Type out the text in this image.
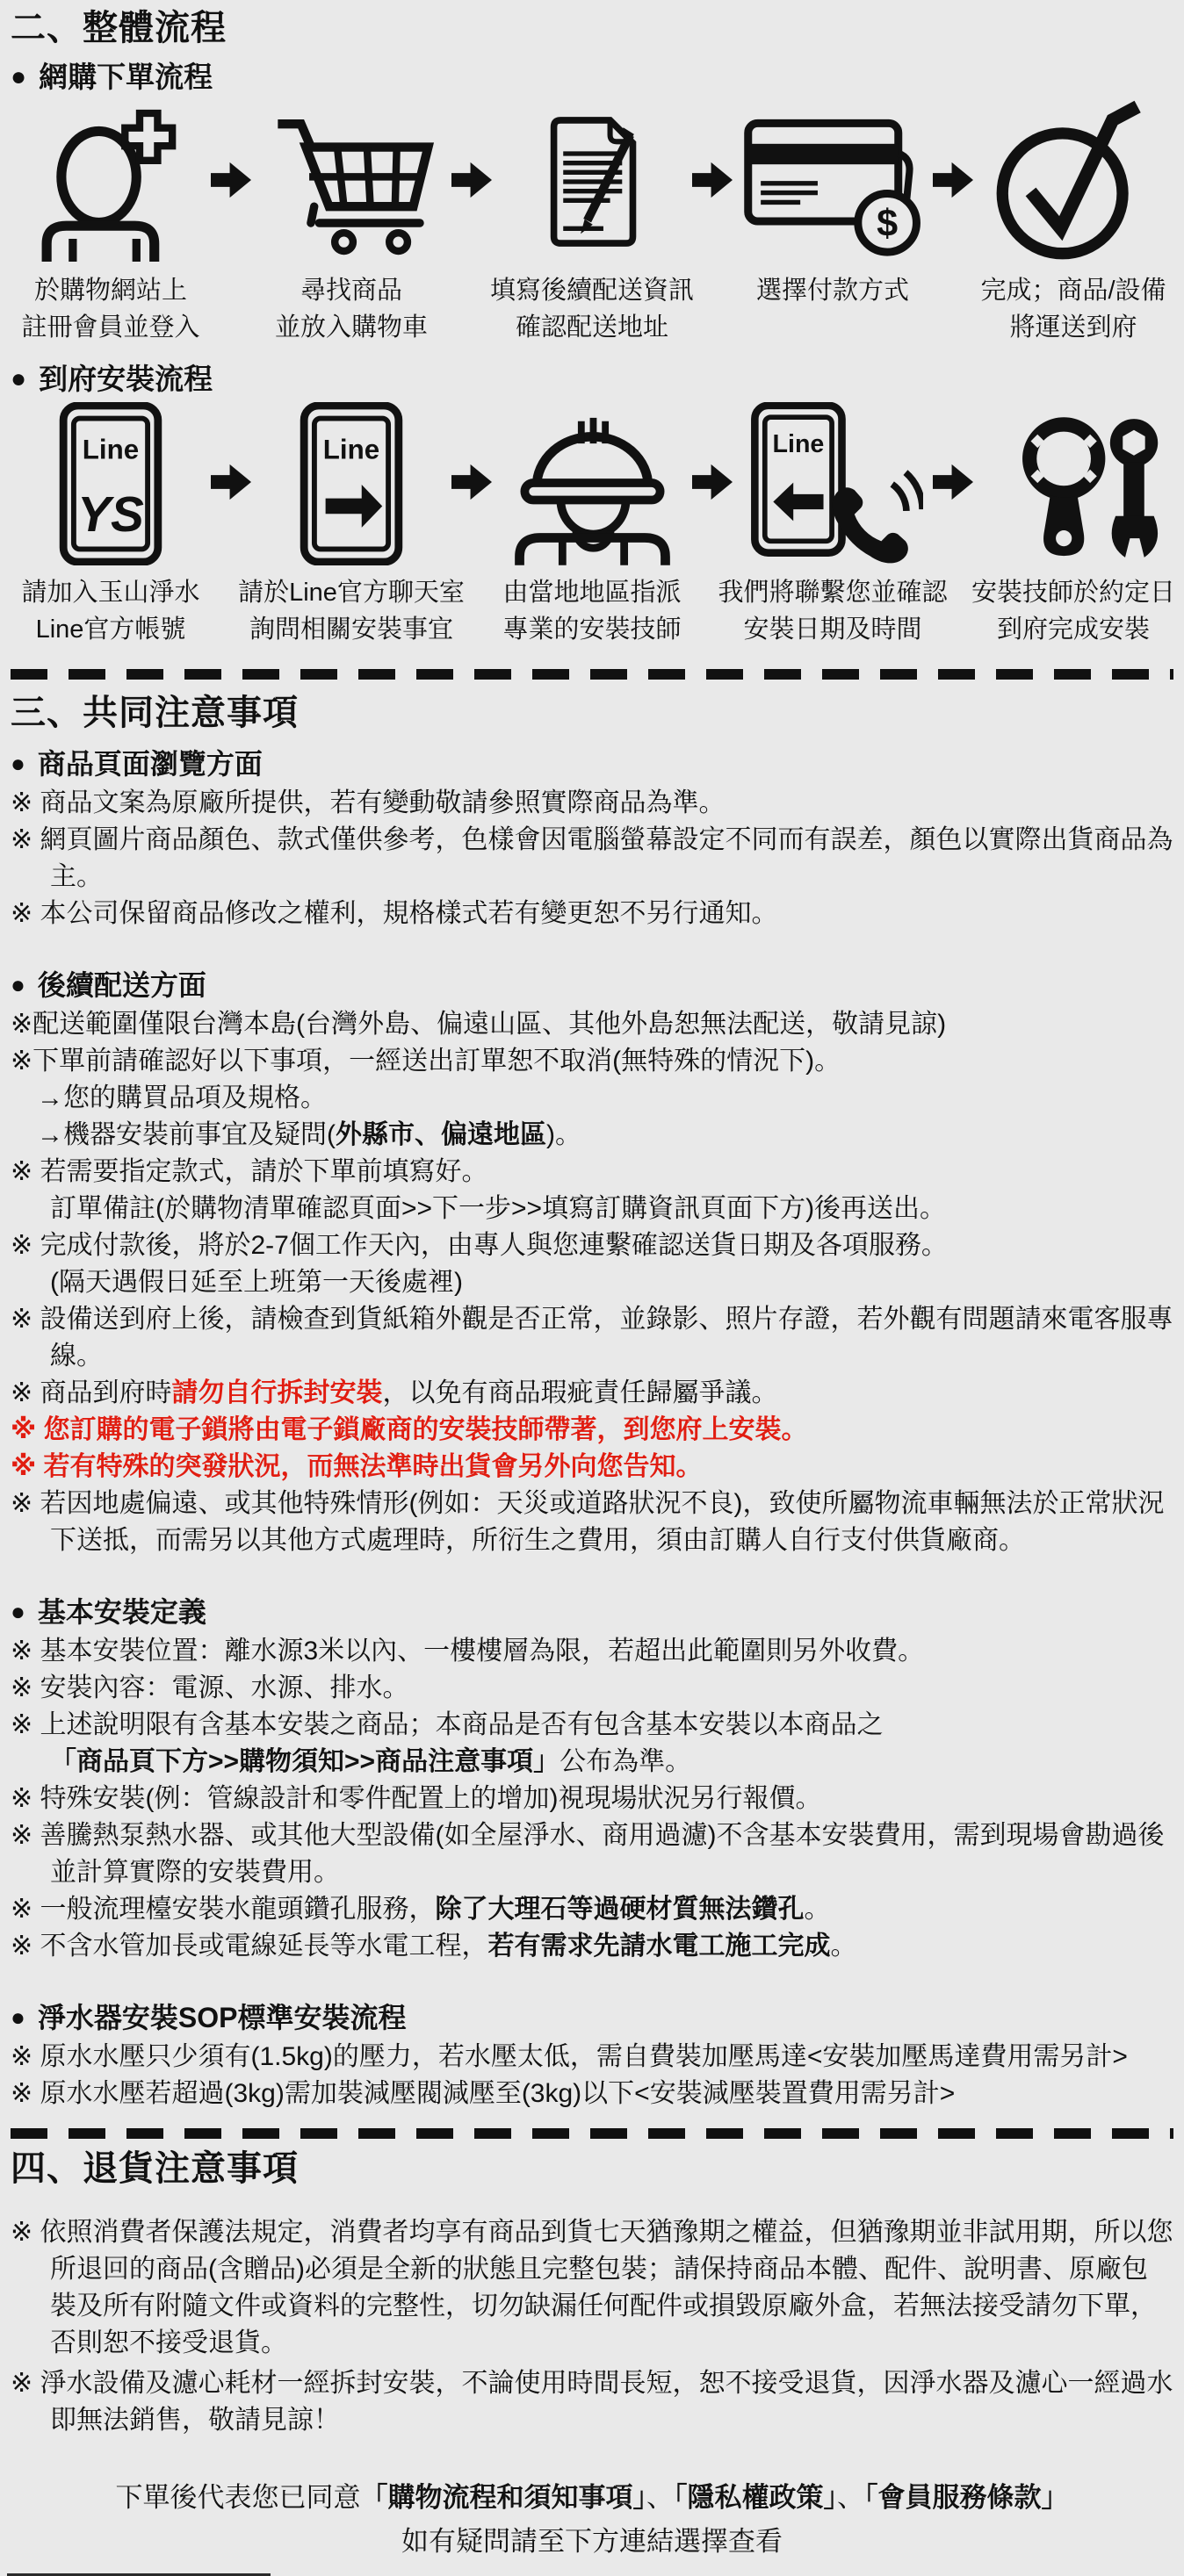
二、整體流程
● 網購下單流程
於購物網站上
註冊會員並登入
尋找商品
並放入購物車
填寫後續配送資訊
確認配送地址
$
選擇付款方式	完成；商品/設備
將運送到府
● 到府安裝流程
Line
YS
請加入玉山淨水
Line官方帳號
Line
請於Line官方聊天室
詢問相關安裝事宜
由當地地區指派
專業的安裝技師
Line
我們將聯繫您並確認
安裝日期及時間
安裝技師於約定日
到府完成安裝
三、共同注意事項
● 商品頁面瀏覽方面
※ 商品文案為原廠所提供，若有變動敬請參照實際商品為準。
※ 網頁圖片商品顏色、款式僅供參考，色樣會因電腦螢幕設定不同而有誤差，顏色以實際出貨商品為主。
※ 本公司保留商品修改之權利，規格樣式若有變更恕不另行通知。
● 後續配送方面
※配送範圍僅限台灣本島(台灣外島、偏遠山區、其他外島恕無法配送，敬請見諒)
※下單前請確認好以下事項，一經送出訂單恕不取消(無特殊的情況下)。
→您的購買品項及規格。
→機器安裝前事宜及疑問(外縣市、偏遠地區)。
※ 若需要指定款式，請於下單前填寫好。
訂單備註(於購物清單確認頁面>>下一步>>填寫訂購資訊頁面下方)後再送出。
※ 完成付款後，將於2-7個工作天內，由專人與您連繫確認送貨日期及各項服務。
(隔天遇假日延至上班第一天後處裡)
※ 設備送到府上後，請檢查到貨紙箱外觀是否正常，並錄影、照片存證，若外觀有問題請來電客服專線。
※ 商品到府時請勿自行拆封安裝，以免有商品瑕疵責任歸屬爭議。
※ 您訂購的電子鎖將由電子鎖廠商的安裝技師帶著，到您府上安裝。
※ 若有特殊的突發狀況，而無法準時出貨會另外向您告知。
※ 若因地處偏遠、或其他特殊情形(例如：天災或道路狀況不良)，致使所屬物流車輛無法於正常狀況下送抵，而需另以其他方式處理時，所衍生之費用，須由訂購人自行支付供貨廠商。
● 基本安裝定義
※ 基本安裝位置：離水源3米以內、一樓樓層為限，若超出此範圍則另外收費。
※ 安裝內容：電源、水源、排水。
※ 上述說明限有含基本安裝之商品；本商品是否有包含基本安裝以本商品之
「商品頁下方>>購物須知>>商品注意事項」公布為準。
※ 特殊安裝(例：管線設計和零件配置上的增加)視現場狀況另行報價。
※ 善騰熱泵熱水器、或其他大型設備(如全屋淨水、商用過濾)不含基本安裝費用，需到現場會勘過後並計算實際的安裝費用。
※ 一般流理檯安裝水龍頭鑽孔服務，除了大理石等過硬材質無法鑽孔。
※ 不含水管加長或電線延長等水電工程，若有需求先請水電工施工完成。
● 淨水器安裝SOP標準安裝流程
※ 原水水壓只少須有(1.5kg)的壓力，若水壓太低，需自費裝加壓馬達<安裝加壓馬達費用需另計>
※ 原水水壓若超過(3kg)需加裝減壓閥減壓至(3kg)以下<安裝減壓裝置費用需另計>
四、退貨注意事項
※ 依照消費者保護法規定，消費者均享有商品到貨七天猶豫期之權益，但猶豫期並非試用期，所以您所退回的商品(含贈品)必須是全新的狀態且完整包裝；請保持商品本體、配件、說明書、原廠包裝及所有附隨文件或資料的完整性，切勿缺漏任何配件或損毀原廠外盒，若無法接受請勿下單，否則恕不接受退貨。
※ 淨水設備及濾心耗材一經拆封安裝，不論使用時間長短，恕不接受退貨，因淨水器及濾心一經過水即無法銷售，敬請見諒！
下單後代表您已同意「購物流程和須知事項」、「隱私權政策」、「會員服務條款」
如有疑問請至下方連結選擇查看
